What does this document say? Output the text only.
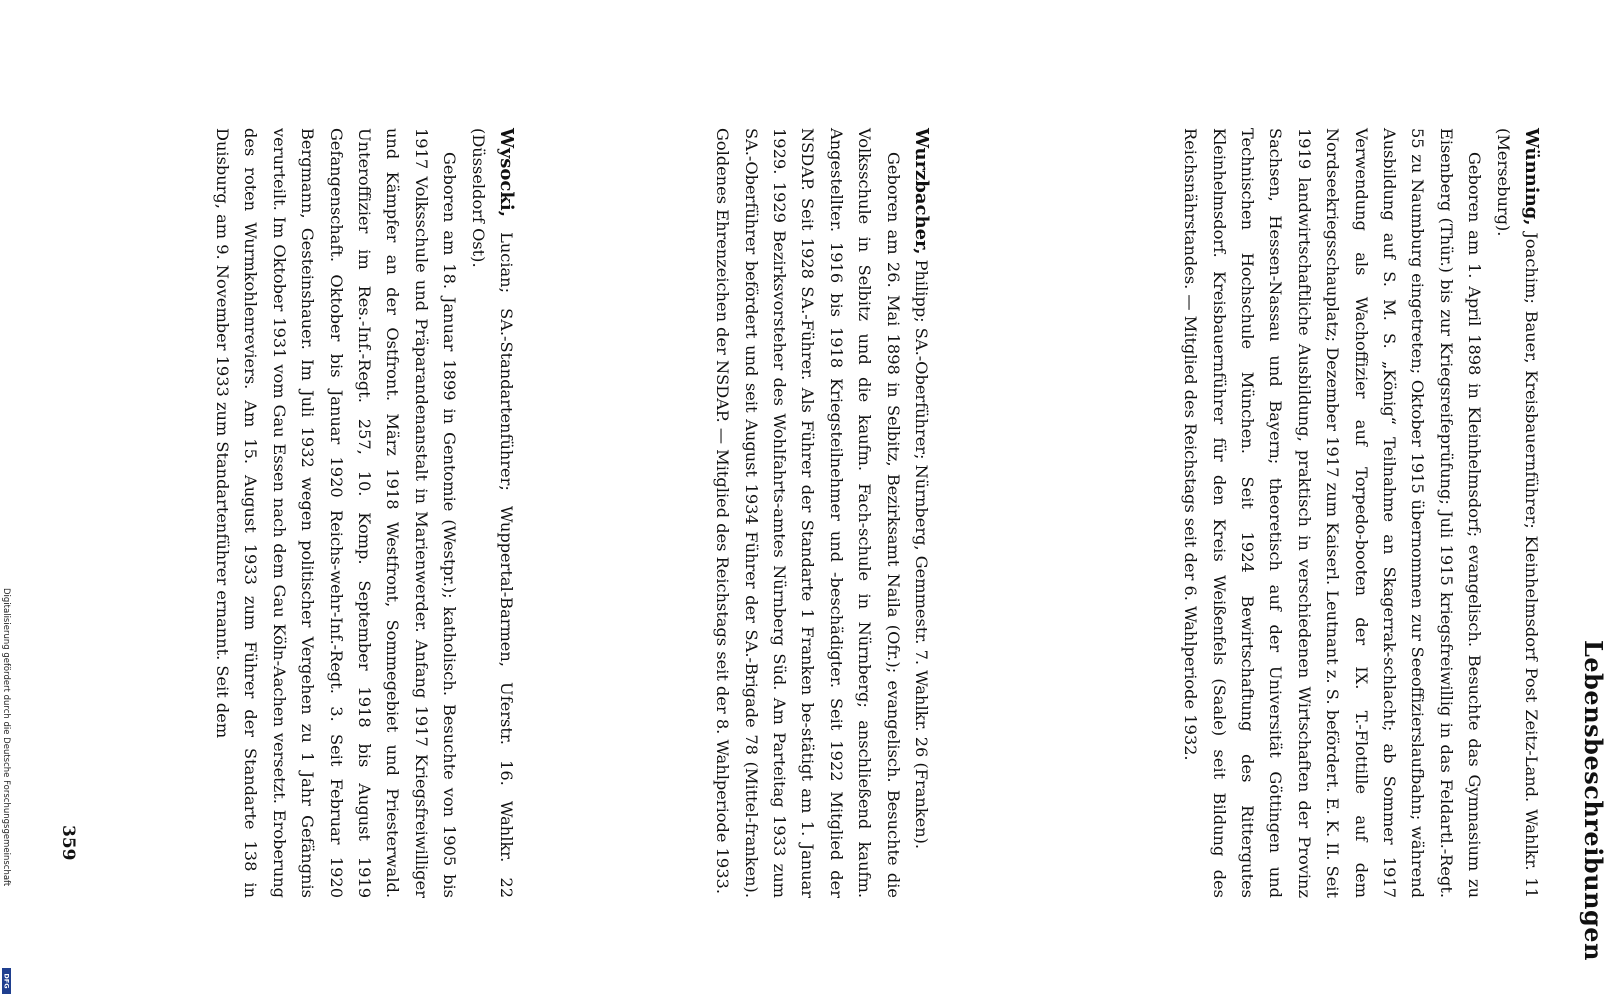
Lebensbeschreibungen

Wünning, Joachim; Bauer, Kreisbauernführer; Kleinhelmsdorf Post Zeitz-Land. Wahlkr. 11 (Merseburg).

Geboren am 1. April 1898 in Kleinhelmsdorf; evangelisch. Besuchte das Gymnasium zu Eisenberg (Thür.) bis zur Kriegsreifeprüfung; Juli 1915 kriegsfreiwillig in das Feldartl.-Regt. 55 zu Naumburg eingetreten; Oktober 1915 übernommen zur Seeoffizierslaufbahn; während Ausbildung auf S. M. S. „König“ Teilnahme an Skagerrak-schlacht; ab Sommer 1917 Verwendung als Wachoffizier auf Torpedo-booten der IX. T.-Flottille auf dem Nordseekriegsschauplatz; Dezember 1917 zum Kaiserl. Leutnant z. S. befördert. E. K. II. Seit 1919 landwirtschaftliche Ausbildung, praktisch in verschiedenen Wirtschaften der Provinz Sachsen, Hessen-Nassau und Bayern; theoretisch auf der Universität Göttingen und Technischen Hochschule München. Seit 1924 Bewirtschaftung des Rittergutes Kleinhelmsdorf. Kreisbauernführer für den Kreis Weißenfels (Saale) seit Bildung des Reichsnährstandes. — Mitglied des Reichstags seit der 6. Wahlperiode 1932.

Wurzbacher, Philipp; SA.-Oberführer; Nürnberg, Gemmestr. 7. Wahlkr. 26 (Franken).

Geboren am 26. Mai 1898 in Selbitz, Bezirksamt Naila (Ofr.); evangelisch. Besuchte die Volksschule in Selbitz und die kaufm. Fach-schule in Nürnberg; anschließend kaufm. Angestellter. 1916 bis 1918 Kriegsteilnehmer und -beschädigter. Seit 1922 Mitglied der NSDAP. Seit 1928 SA.-Führer. Als Führer der Standarte 1 Franken be-stätigt am 1. Januar 1929. 1929 Bezirksvorsteher des Wohlfahrts-amtes Nürnberg Süd. Am Parteitag 1933 zum SA.-Oberführer befördert und seit August 1934 Führer der SA.-Brigade 78 (Mittel-franken). Goldenes Ehrenzeichen der NSDAP. — Mitglied des Reichstags seit der 8. Wahlperiode 1933.

Wysocki, Lucian; SA.-Standartenführer; Wuppertal-Barmen, Uferstr. 16. Wahlkr. 22 (Düsseldorf Ost).

Geboren am 18. Januar 1899 in Gentomie (Westpr.); katholisch. Besuchte von 1905 bis 1917 Volksschule und Präparandenanstalt in Marienwerder. Anfang 1917 Kriegsfreiwilliger und Kämpfer an der Ostfront. März 1918 Westfront, Sommegebiet und Priesterwald. Unteroffizier im Res.-Inf.-Regt. 257, 10. Komp. September 1918 bis August 1919 Gefangenschaft. Oktober bis Januar 1920 Reichs-wehr-Inf.-Regt. 3. Seit Februar 1920 Bergmann, Gesteinshauer. Im Juli 1932 wegen politischer Vergehen zu 1 Jahr Gefängnis verurteilt. Im Oktober 1931 vom Gau Essen nach dem Gau Köln-Aachen versetzt. Eroberung des roten Wurmkohlenreviers. Am 15. August 1933 zum Führer der Standarte 138 in Duisburg, am 9. November 1933 zum Standartenführer ernannt. Seit dem

359
Digitalisierung gefördert durch die Deutsche Forschungsgemeinschaft
DFG
